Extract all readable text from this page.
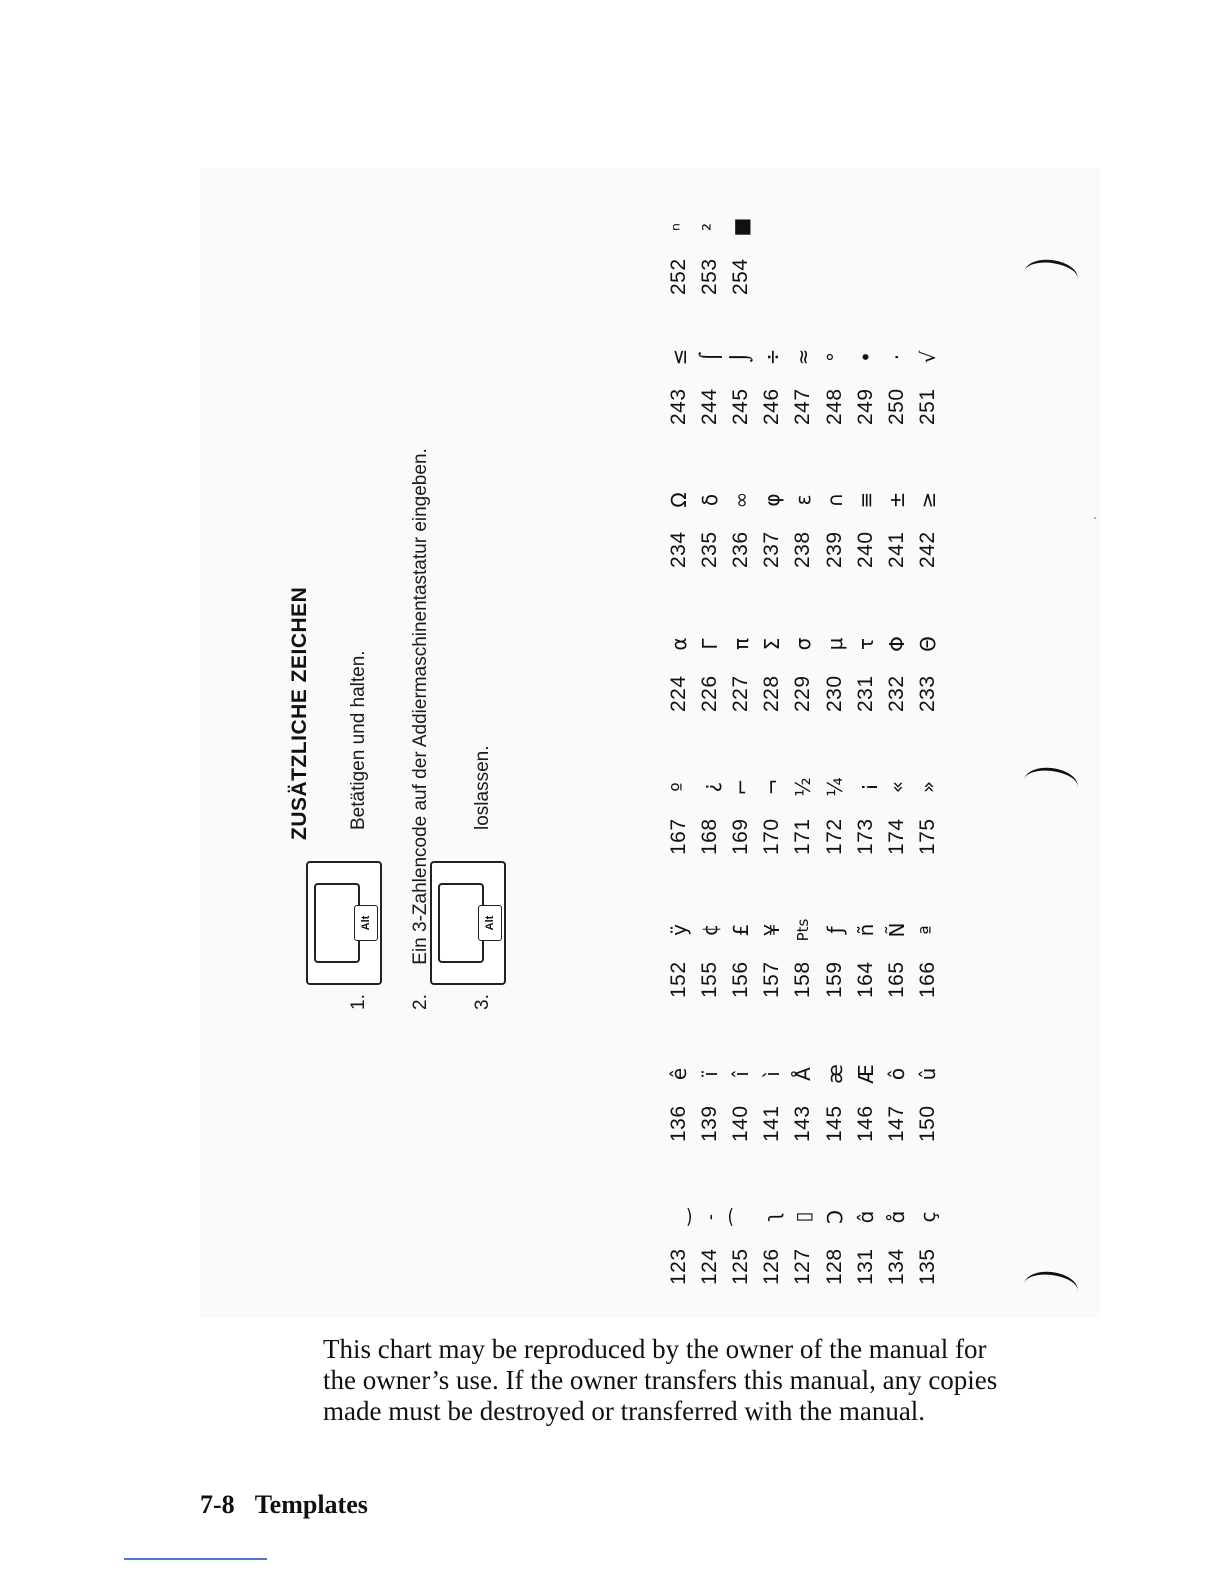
ZUSÄTZLICHE ZEICHEN
Alt	Alt
1.
Betätigen und halten.
2. Ein 3-Zahlencode auf der Addiermaschinentastatur eingeben.
3.
loslassen.
123
‿
124
˗
125
⁀
126
ʅ
127
▯
128
Ͻ
131
ɑ̂
134
ɑ̊
135
ç
136
ê
139
ï
140
î
141
ì
143
Å
145
æ
146
Æ
147
ô
150
û
152
ÿ
155
¢
156
£
157
¥
158
Pts
159
ƒ
164
ñ
165
Ñ
166
ª
167
º
168
¿
169
⌐
170
¬
171
½
172
¼
173
¡
174
«
175
»
224
α
226
Γ
227
π
228
Σ
229
σ
230
μ
231
τ
232
Φ
233
Θ
234
Ω
235
δ
236
∞
237
φ
238
ε
239
∩
240
≡
241
±
242
≥
243
≤
244
⌠
245
⌡
246
÷
247
≈
248
°
249
•
250
·
251
√
252
ⁿ
253
²
254
■
This chart may be reproduced by the owner of the manual for the owner’s use. If the owner transfers this manual, any copies made must be destroyed or transferred with the manual.
7-8 Templates
